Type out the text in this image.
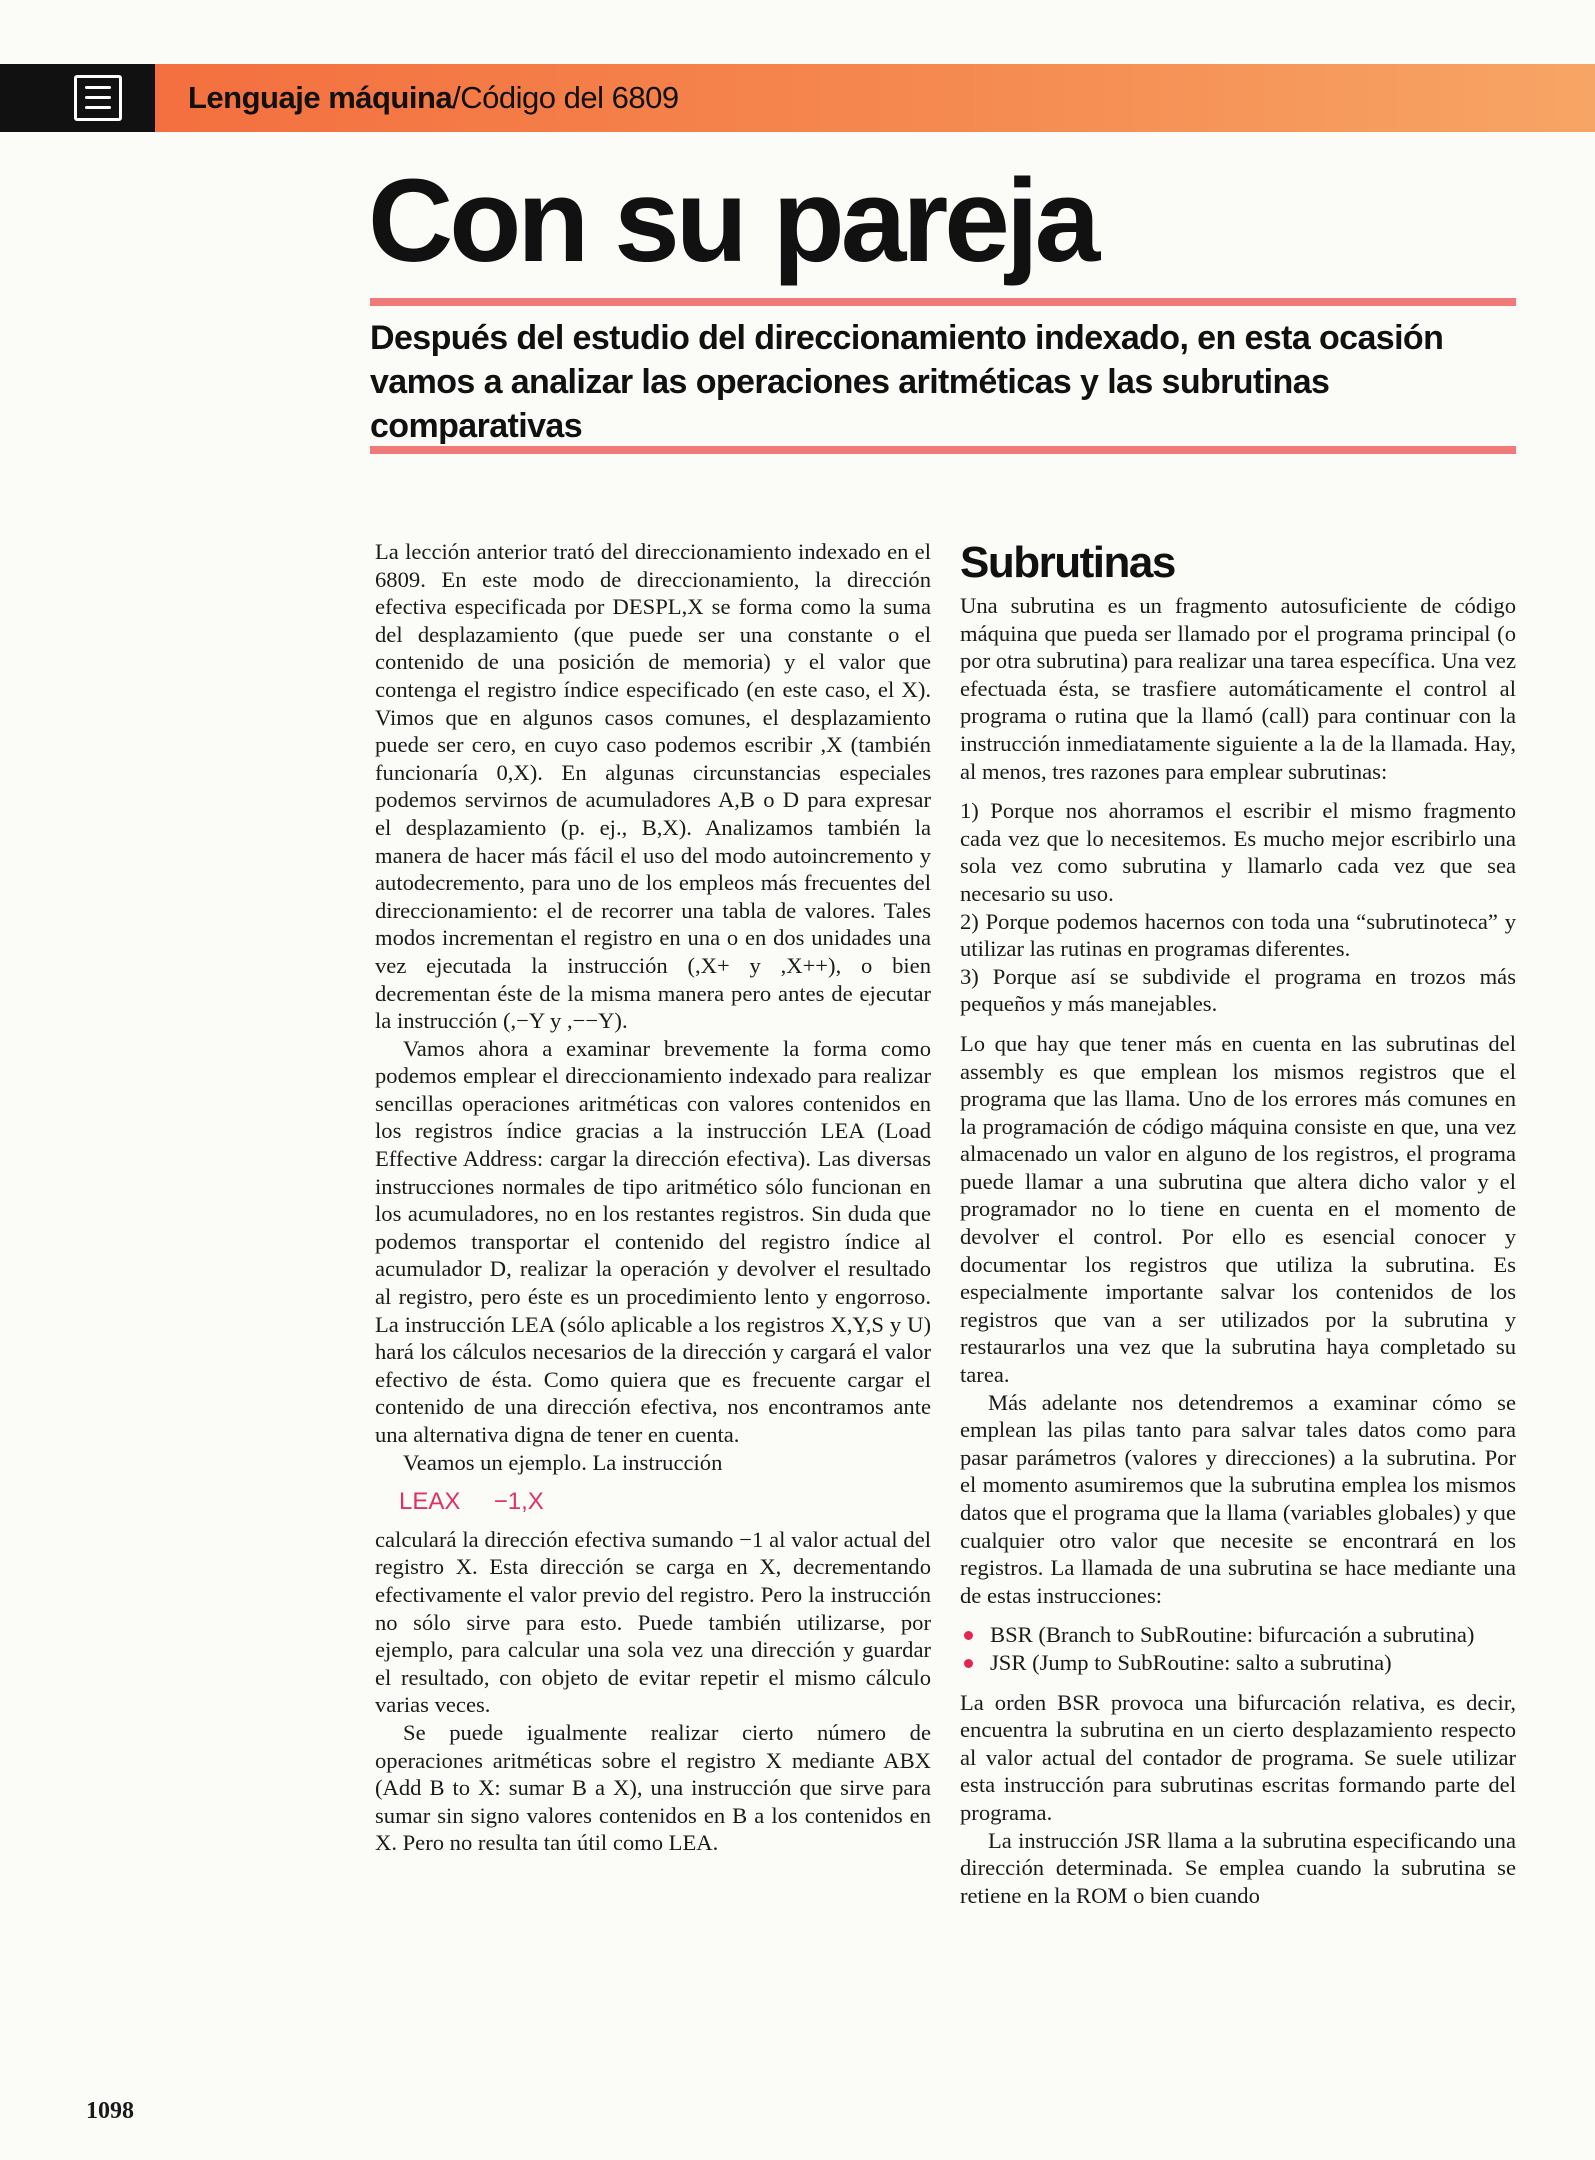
Lenguaje máquina/Código del 6809
Con su pareja

Después del estudio del direccionamiento indexado, en esta ocasión vamos a analizar las operaciones aritméticas y las subrutinas comparativas

La lección anterior trató del direccionamiento indexado en el 6809. En este modo de direccionamiento, la dirección efectiva especificada por DESPL,X se forma como la suma del desplazamiento (que puede ser una constante o el contenido de una posición de memoria) y el valor que contenga el registro índice especificado (en este caso, el X). Vimos que en algunos casos comunes, el desplazamiento puede ser cero, en cuyo caso podemos escribir ,X (también funcionaría 0,X). En algunas circunstancias especiales podemos servirnos de acumuladores A,B o D para expresar el desplazamiento (p. ej., B,X). Analizamos también la manera de hacer más fácil el uso del modo autoincremento y autodecremento, para uno de los empleos más frecuentes del direccionamiento: el de recorrer una tabla de valores. Tales modos incrementan el registro en una o en dos unidades una vez ejecutada la instrucción (,X+ y ,X++), o bien decrementan éste de la misma manera pero antes de ejecutar la instrucción (,−Y y ,−−Y).

Vamos ahora a examinar brevemente la forma como podemos emplear el direccionamiento indexado para realizar sencillas operaciones aritméticas con valores contenidos en los registros índice gracias a la instrucción LEA (Load Effective Address: cargar la dirección efectiva). Las diversas instrucciones normales de tipo aritmético sólo funcionan en los acumuladores, no en los restantes registros. Sin duda que podemos transportar el contenido del registro índice al acumulador D, realizar la operación y devolver el resultado al registro, pero éste es un procedimiento lento y engorroso. La instrucción LEA (sólo aplicable a los registros X,Y,S y U) hará los cálculos necesarios de la dirección y cargará el valor efectivo de ésta. Como quiera que es frecuente cargar el contenido de una dirección efectiva, nos encontramos ante una alternativa digna de tener en cuenta.

Veamos un ejemplo. La instrucción

LEAX     −1,X

calculará la dirección efectiva sumando −1 al valor actual del registro X. Esta dirección se carga en X, decrementando efectivamente el valor previo del registro. Pero la instrucción no sólo sirve para esto. Puede también utilizarse, por ejemplo, para calcular una sola vez una dirección y guardar el resultado, con objeto de evitar repetir el mismo cálculo varias veces.

Se puede igualmente realizar cierto número de operaciones aritméticas sobre el registro X mediante ABX (Add B to X: sumar B a X), una instrucción que sirve para sumar sin signo valores contenidos en B a los contenidos en X. Pero no resulta tan útil como LEA.

Subrutinas

Una subrutina es un fragmento autosuficiente de código máquina que pueda ser llamado por el programa principal (o por otra subrutina) para realizar una tarea específica. Una vez efectuada ésta, se trasfiere automáticamente el control al programa o rutina que la llamó (call) para continuar con la instrucción inmediatamente siguiente a la de la llamada. Hay, al menos, tres razones para emplear subrutinas:

1) Porque nos ahorramos el escribir el mismo fragmento cada vez que lo necesitemos. Es mucho mejor escribirlo una sola vez como subrutina y llamarlo cada vez que sea necesario su uso.

2) Porque podemos hacernos con toda una “subrutinoteca” y utilizar las rutinas en programas diferentes.

3) Porque así se subdivide el programa en trozos más pequeños y más manejables.

Lo que hay que tener más en cuenta en las subrutinas del assembly es que emplean los mismos registros que el programa que las llama. Uno de los errores más comunes en la programación de código máquina consiste en que, una vez almacenado un valor en alguno de los registros, el programa puede llamar a una subrutina que altera dicho valor y el programador no lo tiene en cuenta en el momento de devolver el control. Por ello es esencial conocer y documentar los registros que utiliza la subrutina. Es especialmente importante salvar los contenidos de los registros que van a ser utilizados por la subrutina y restaurarlos una vez que la subrutina haya completado su tarea.

Más adelante nos detendremos a examinar cómo se emplean las pilas tanto para salvar tales datos como para pasar parámetros (valores y direcciones) a la subrutina. Por el momento asumiremos que la subrutina emplea los mismos datos que el programa que la llama (variables globales) y que cualquier otro valor que necesite se encontrará en los registros. La llamada de una subrutina se hace mediante una de estas instrucciones:

BSR (Branch to SubRoutine: bifurcación a subrutina)
JSR (Jump to SubRoutine: salto a subrutina)

La orden BSR provoca una bifurcación relativa, es decir, encuentra la subrutina en un cierto desplazamiento respecto al valor actual del contador de programa. Se suele utilizar esta instrucción para subrutinas escritas formando parte del programa.

La instrucción JSR llama a la subrutina especificando una dirección determinada. Se emplea cuando la subrutina se retiene en la ROM o bien cuando

1098
